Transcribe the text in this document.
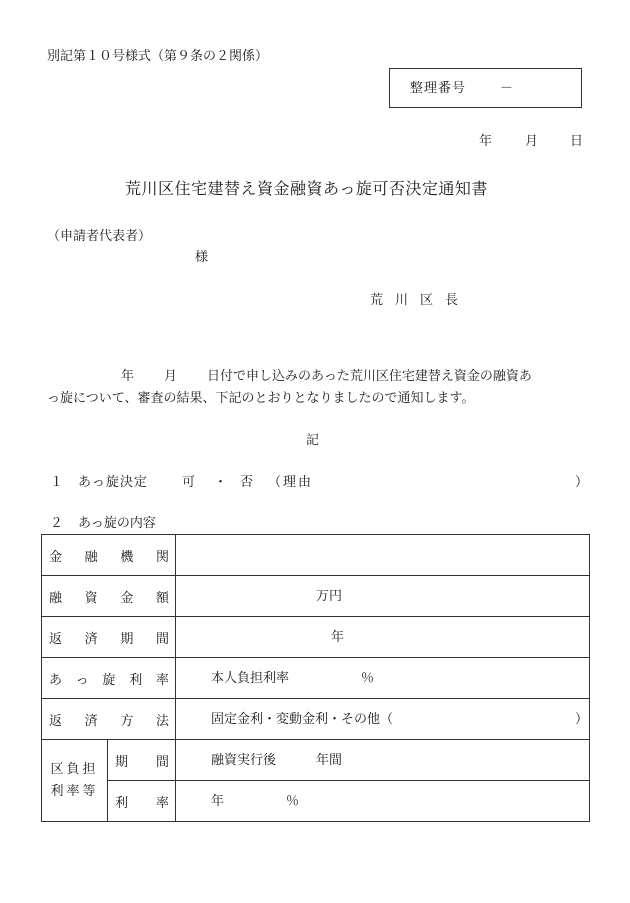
別記第１０号様式（第９条の２関係）
整理番号	－
年	月 日
荒川区住宅建替え資金融資あっ旋可否決定通知書
（申請者代表者）
様
荒川区長
年 月 日付で申し込みのあった荒川区住宅建替え資金の融資あ
っ旋について、審査の結果、下記のとおりとなりましたので通知します。
記
１ あっ旋決定	可 ・ 否 （理由	）
２ あっ旋の内容
金融機関		
融資金額		万円

返済期間		年

あっ旋利率		本人負担利率 ％

返済方法		固定金利・変動金利・その他（ ）

区負担
利率等	期間	融資実行後 年間

	利率	年 ％
